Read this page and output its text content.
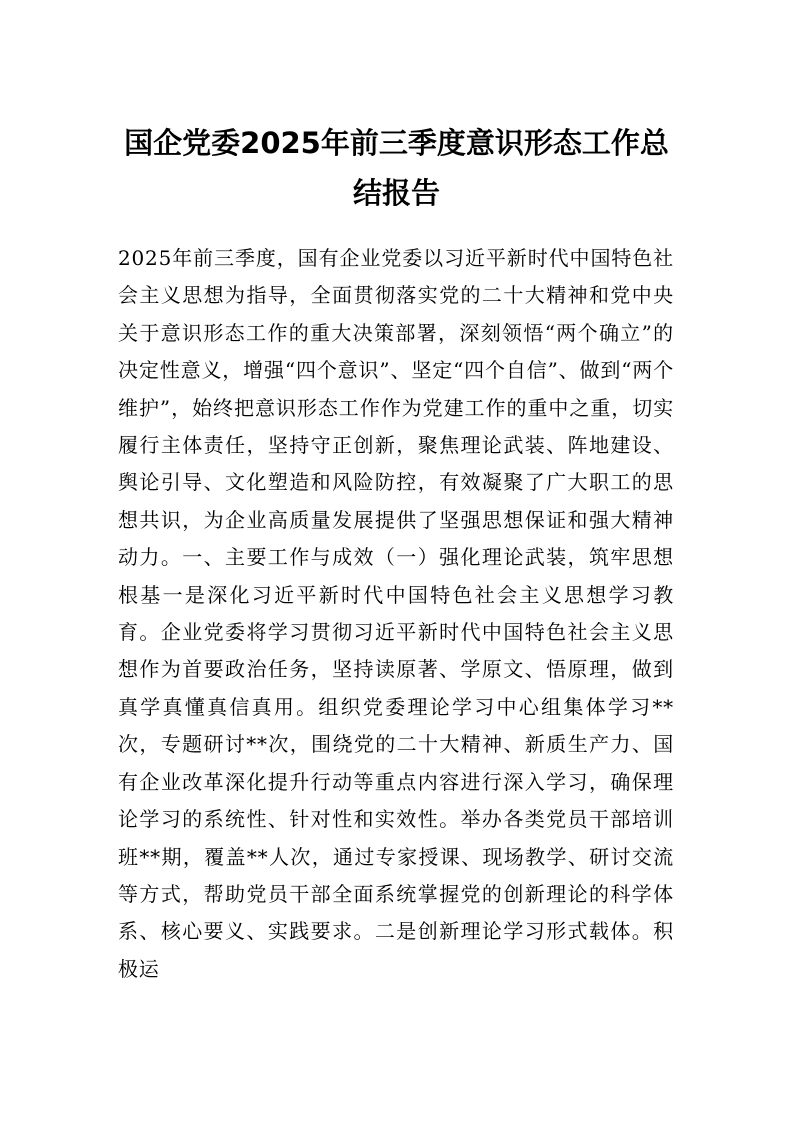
国企党委2025年前三季度意识形态工作总结报告

2025年前三季度，国有企业党委以习近平新时代中国特色社会主义思想为指导，全面贯彻落实党的二十大精神和党中央关于意识形态工作的重大决策部署，深刻领悟“两个确立”的决定性意义，增强“四个意识”、坚定“四个自信”、做到“两个维护”，始终把意识形态工作作为党建工作的重中之重，切实履行主体责任，坚持守正创新，聚焦理论武装、阵地建设、舆论引导、文化塑造和风险防控，有效凝聚了广大职工的思想共识，为企业高质量发展提供了坚强思想保证和强大精神动力。一、主要工作与成效（一）强化理论武装，筑牢思想根基一是深化习近平新时代中国特色社会主义思想学习教育。企业党委将学习贯彻习近平新时代中国特色社会主义思想作为首要政治任务，坚持读原著、学原文、悟原理，做到真学真懂真信真用。组织党委理论学习中心组集体学习**次，专题研讨**次，围绕党的二十大精神、新质生产力、国有企业改革深化提升行动等重点内容进行深入学习，确保理论学习的系统性、针对性和实效性。举办各类党员干部培训班**期，覆盖**人次，通过专家授课、现场教学、研讨交流等方式，帮助党员干部全面系统掌握党的创新理论的科学体系、核心要义、实践要求。二是创新理论学习形式载体。积极运
